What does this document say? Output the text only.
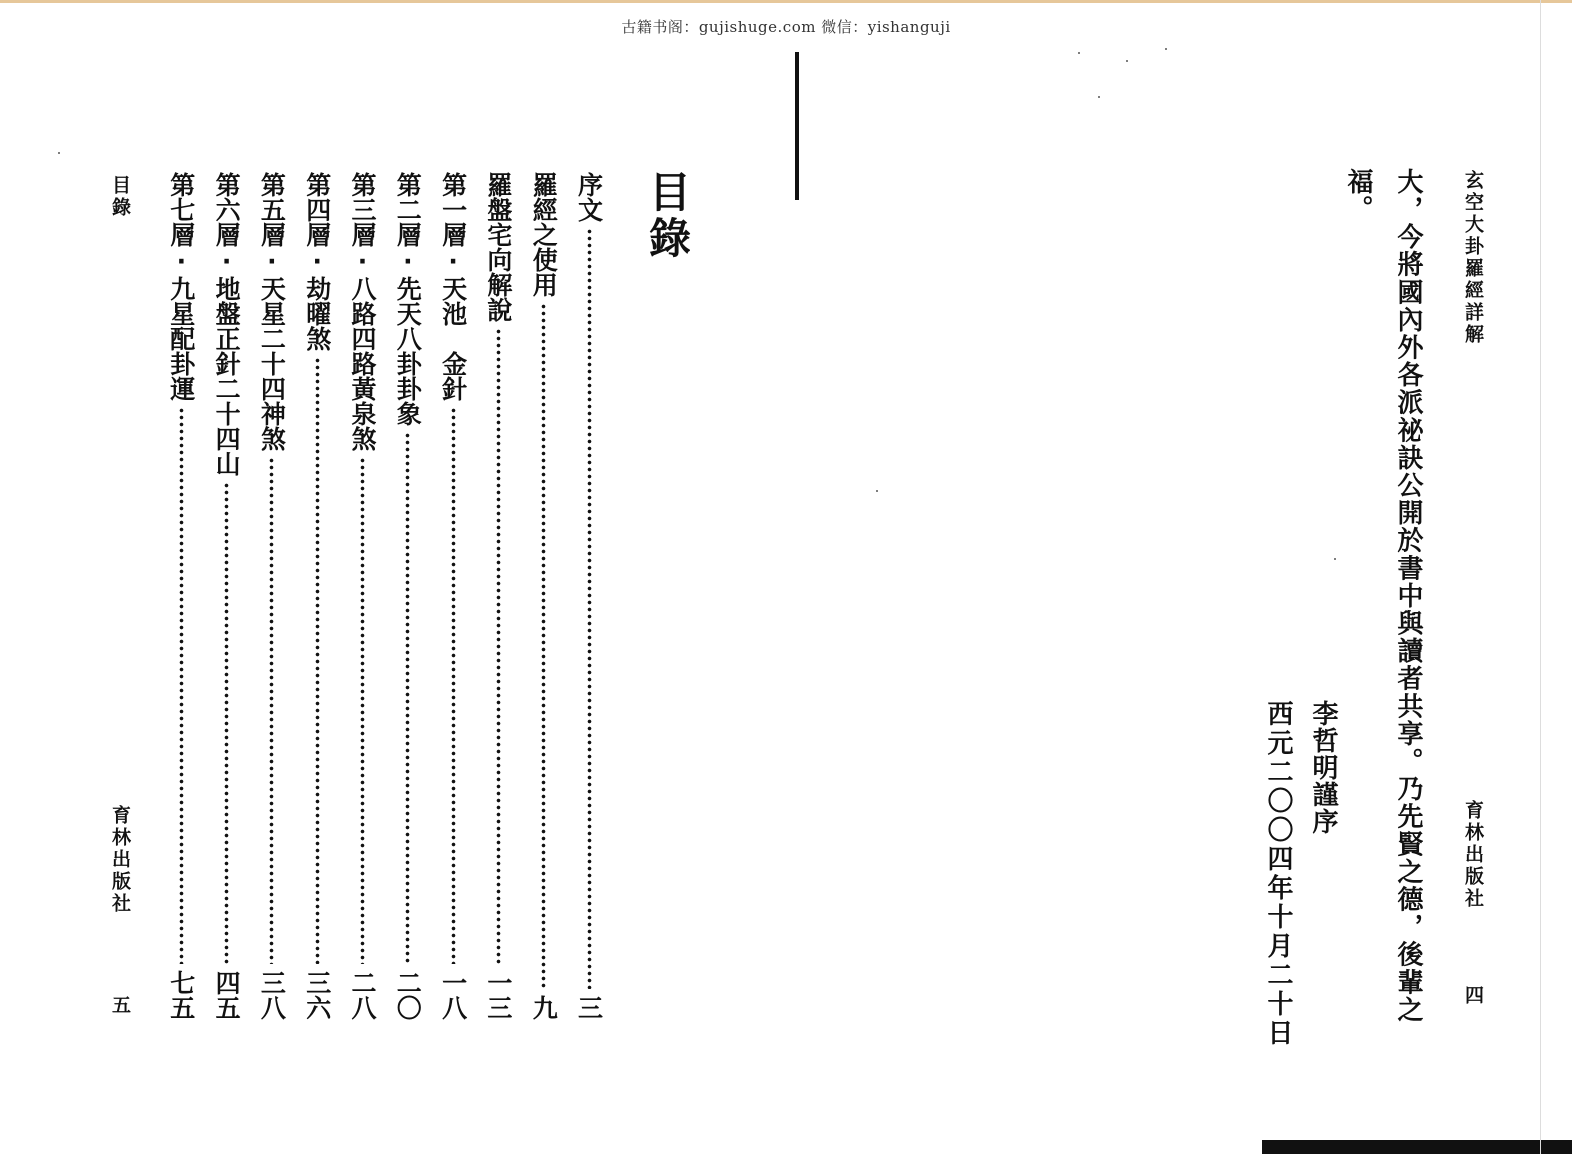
古籍书阁：gujishuge.com 微信：yishanguji
玄空大卦羅經詳解
育林出版社
四
大，今將國內外各派祕訣公開於書中與讀者共享。乃先賢之德，後輩之
福。
李哲明謹序
西元二〇〇四年十月二十日
目錄
序文
三
羅經之使用
九
羅盤宅向解說
一三
第一層‧天池　金針
一八
第二層‧先天八卦卦象
二〇
第三層‧八路四路黃泉煞
二八
第四層‧劫曜煞
三六
第五層‧天星二十四神煞
三八
第六層‧地盤正針二十四山
四五
第七層‧九星配卦運
七五
目錄
育林出版社
五
